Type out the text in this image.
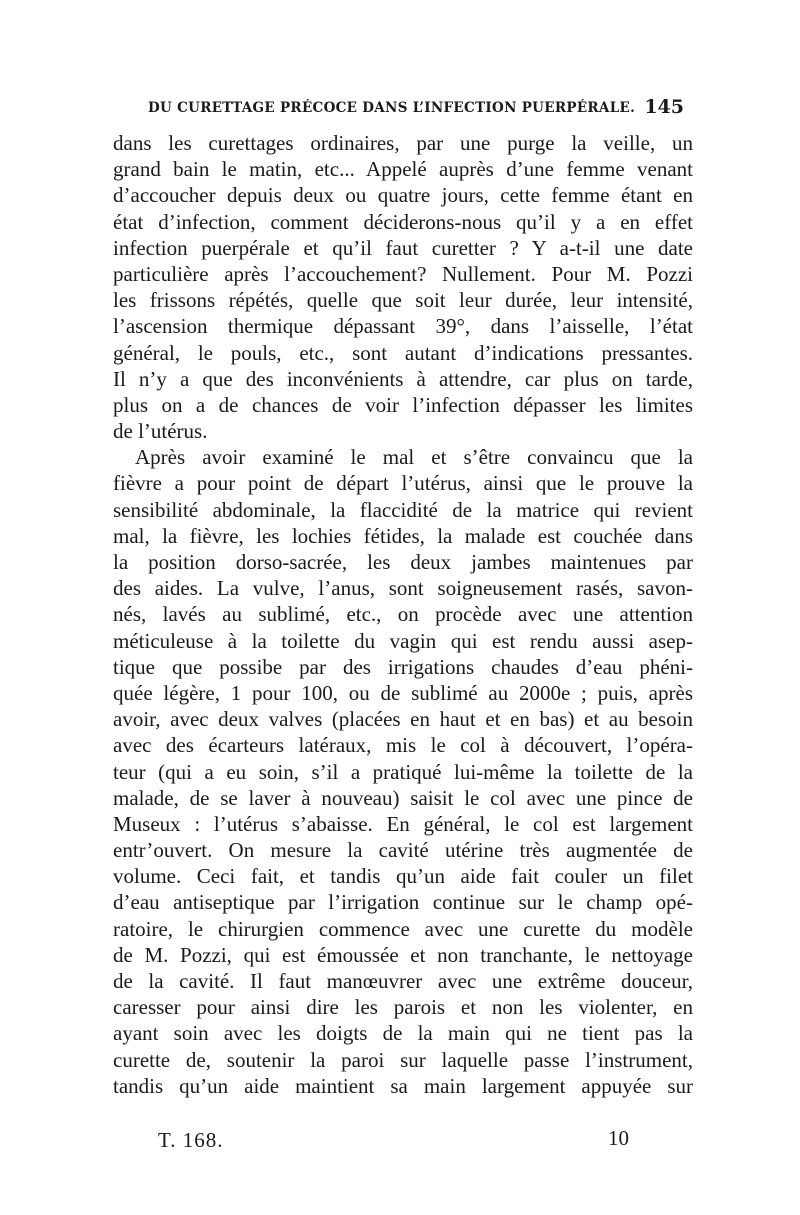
DU CURETTAGE PRÉCOCE DANS L’INFECTION PUERPÉRALE. 145
dans les curettages ordinaires, par une purge la veille, un
grand bain le matin, etc... Appelé auprès d’une femme venant
d’accoucher depuis deux ou quatre jours, cette femme étant en
état d’infection, comment déciderons-nous qu’il y a en effet
infection puerpérale et qu’il faut curetter ? Y a-t-il une date
particulière après l’accouchement? Nullement. Pour M. Pozzi
les frissons répétés, quelle que soit leur durée, leur intensité,
l’ascension thermique dépassant 39°, dans l’aisselle, l’état
général, le pouls, etc., sont autant d’indications pressantes.
Il n’y a que des inconvénients à attendre, car plus on tarde,
plus on a de chances de voir l’infection dépasser les limites
de l’utérus.
Après avoir examiné le mal et s’être convaincu que la
fièvre a pour point de départ l’utérus, ainsi que le prouve la
sensibilité abdominale, la flaccidité de la matrice qui revient
mal, la fièvre, les lochies fétides, la malade est couchée dans
la position dorso-sacrée, les deux jambes maintenues par
des aides. La vulve, l’anus, sont soigneusement rasés, savon-
nés, lavés au sublimé, etc., on procède avec une attention
méticuleuse à la toilette du vagin qui est rendu aussi asep-
tique que possibe par des irrigations chaudes d’eau phéni-
quée légère, 1 pour 100, ou de sublimé au 2000e ; puis, après
avoir, avec deux valves (placées en haut et en bas) et au besoin
avec des écarteurs latéraux, mis le col à découvert, l’opéra-
teur (qui a eu soin, s’il a pratiqué lui-même la toilette de la
malade, de se laver à nouveau) saisit le col avec une pince de
Museux : l’utérus s’abaisse. En général, le col est largement
entr’ouvert. On mesure la cavité utérine très augmentée de
volume. Ceci fait, et tandis qu’un aide fait couler un filet
d’eau antiseptique par l’irrigation continue sur le champ opé-
ratoire, le chirurgien commence avec une curette du modèle
de M. Pozzi, qui est émoussée et non tranchante, le nettoyage
de la cavité. Il faut manœuvrer avec une extrême douceur,
caresser pour ainsi dire les parois et non les violenter, en
ayant soin avec les doigts de la main qui ne tient pas la
curette de, soutenir la paroi sur laquelle passe l’instrument,
tandis qu’un aide maintient sa main largement appuyée sur
T. 168.	10
